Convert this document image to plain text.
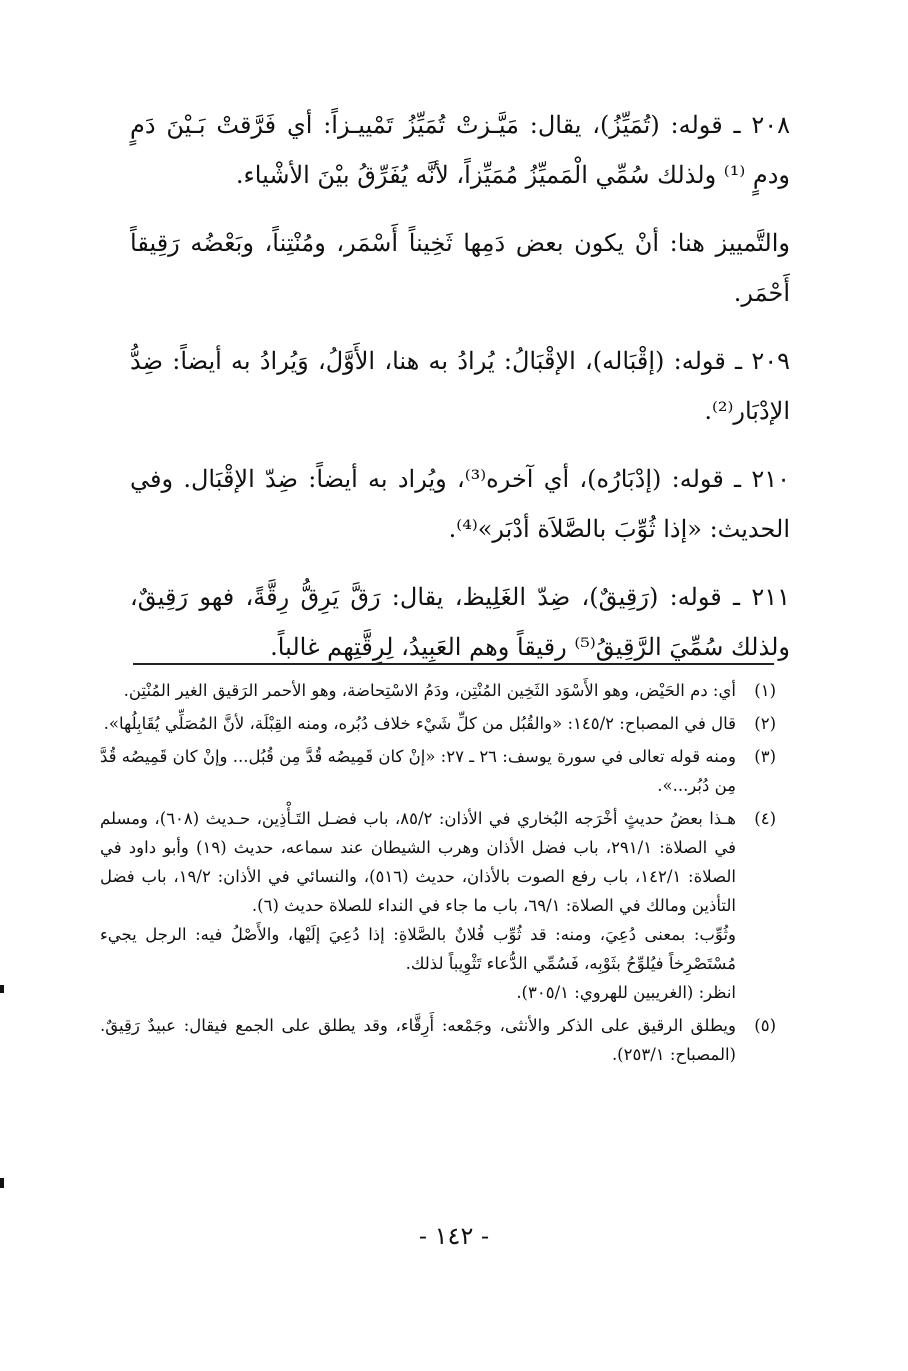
٢٠٨ ـ قوله: (تُمَيِّزُ)، يقال: مَيَّـزتْ تُمَيِّزُ تَمْييـزاً: أي فَرَّقتْ بَـيْنَ دَمٍ ودمٍ ⁽¹⁾ ولذلك سُمِّي الْمَميِّزُ مُمَيِّزاً، لأنَّه يُفَرِّقُ بيْنَ الأشْياء.

والتَّمييز هنا: أنْ يكون بعض دَمِها ثَخِيناً أَسْمَر، ومُنْتِناً، وبَعْضُه رَقِيقاً أَحْمَر.

٢٠٩ ـ قوله: (إقْبَاله)، الإقْبَالُ: يُرادُ به هنا، الأَوَّلُ، وَيُرادُ به أيضاً: ضِدُّ الإدْبَار⁽²⁾.

٢١٠ ـ قوله: (إدْبَارُه)، أي آخره⁽³⁾، ويُراد به أيضاً: ضِدّ الإقْبَال. وفي الحديث: «إذا ثُوِّبَ بالصَّلاَة أدْبَر»⁽⁴⁾.

٢١١ ـ قوله: (رَقِيقٌ)، ضِدّ الغَلِيظ، يقال: رَقَّ يَرِقُّ رِقَّةً، فهو رَقِيقٌ، ولذلك سُمِّيَ الرَّقِيقُ⁽⁵⁾ رقيقاً وهم العَبِيدُ، لِرِقَّتِهم غالباً.

(١)
أي: دم الحَيْض، وهو الأَسْوَد الثَخِين المُنْتِن، ودَمُ الاسْتِحاضة، وهو الأحمر الرَقيق الغير المُنْتِن.
(٢)
قال في المصباح: ١٤٥/٢: «والقُبُل من كلِّ شَيْء خلاف دُبُره، ومنه القِبْلَة، لأنَّ المُصَلِّي يُقَابِلُها».
(٣)
ومنه قوله تعالى في سورة يوسف: ٢٦ ـ ٢٧: «إنْ كان قَمِيصُه قُدَّ مِن قُبُل... وإنْ كان قَمِيصُه قُدَّ مِن دُبُر...».
(٤)
هـذا بعضُ حديثٍ أخْرَجه البُخاري في الأذان: ٨٥/٢، باب فضـل التَـأْذِين، حـديث (٦٠٨)، ومسلم في الصلاة: ٢٩١/١، باب فضل الأذان وهرب الشيطان عند سماعه، حديث (١٩) وأبو داود في الصلاة: ١٤٢/١، باب رفع الصوت بالأذان، حديث (٥١٦)، والنسائي في الأذان: ١٩/٢، باب فضل التأذين ومالك في الصلاة: ٦٩/١، باب ما جاء في النداء للصلاة حديث (٦).
وثُوِّب: بمعنى دُعِيَ، ومنه: قد ثُوِّب فُلانٌ بالصَّلاةِ: إذا دُعِيَ إلَيْها، والأَصْلُ فيه: الرجل يجيء مُسْتَصْرِخاً فيُلوِّحُ بثَوْبِه، فَسُمِّي الدُّعاء تَثْوِيباً لذلك.
انظر: (الغريبين للهروي: ٣٠٥/١).
(٥)
ويطلق الرقيق على الذكر والأنثى، وجَمْعه: أَرِقَّاء، وقد يطلق على الجمع فيقال: عبيدٌ رَقِيقٌ. (المصباح: ٢٥٣/١).
- ١٤٢ -
